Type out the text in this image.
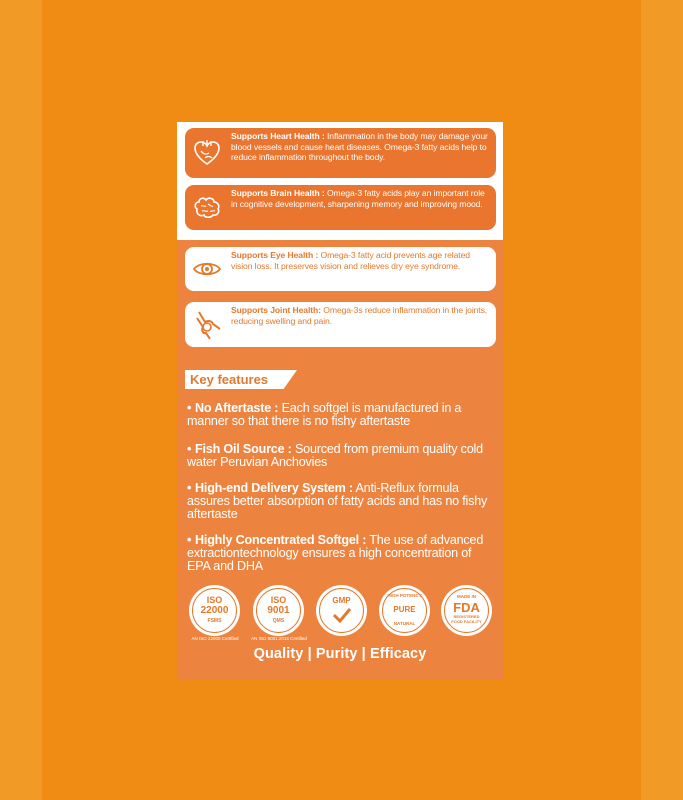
Supports Heart Health : Inflammation in the body may damage your blood vessels and cause heart diseases. Omega-3 fatty acids help to reduce inflammation throughout the body.
Supports Brain Health : Omega-3 fatty acids play an important role in cognitive development, sharpening memory and improving mood.
Supports Eye Health : Omega-3 fatty acid prevents age related vision loss. It preserves vision and relieves dry eye syndrome.
Supports Joint Health: Omega-3s reduce inflammation in the joints, reducing swelling and pain.
Key features
• No Aftertaste : Each softgel is manufactured in a manner so that there is no fishy aftertaste
• Fish Oil Source : Sourced from premium quality cold water Peruvian Anchovies
• High-end Delivery System : Anti-Reflux formula assures better absorption of fatty acids and has no fishy aftertaste
• Highly Concentrated Softgel : The use of advanced extractiontechnology ensures a high concentration of EPA and DHA
ISO
22000
FSMS
AN ISO 22000 Certified
ISO
9001
QMS
AN ISO 9001:2015 Certified
GMP
HIGH POTENCY
PURE
NATURAL
MADE IN
FDA
REGISTERED FOOD FACILITY
Quality | Purity | Efficacy
